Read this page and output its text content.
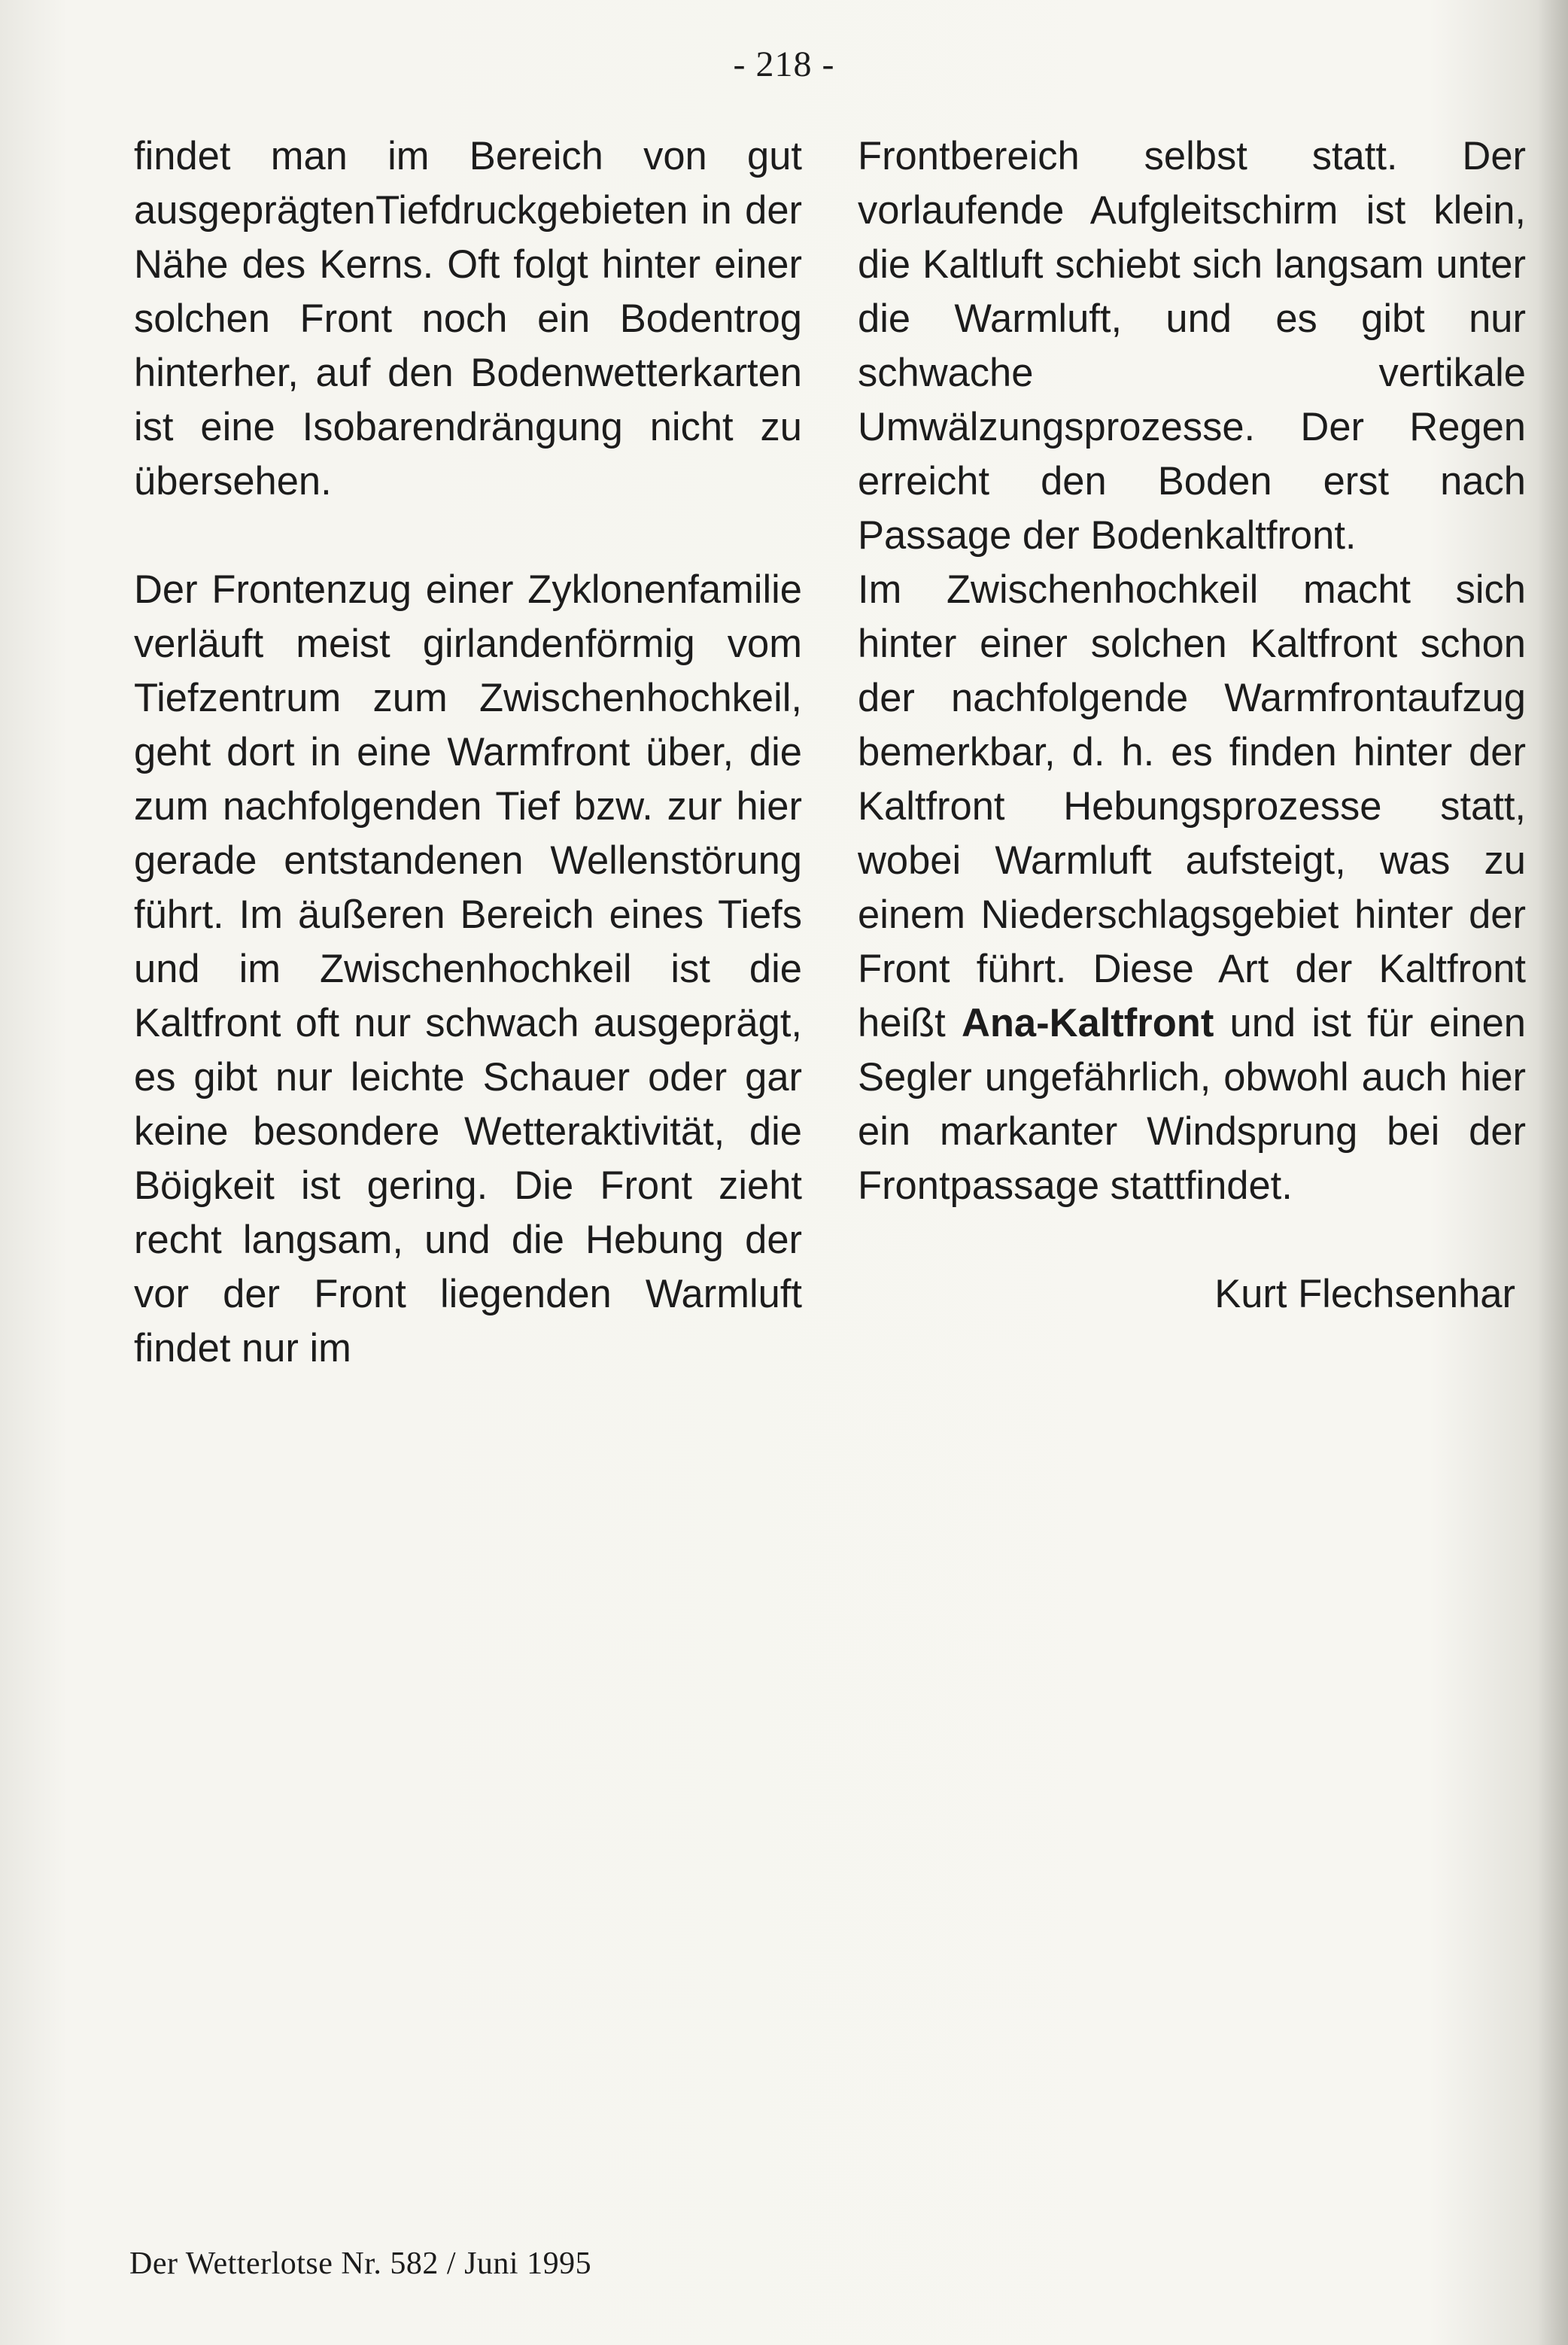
- 218 -

findet man im Bereich von gut ausgeprägtenTiefdruckgebieten in der Nähe des Kerns. Oft folgt hinter einer solchen Front noch ein Bodentrog hinterher, auf den Bodenwetterkarten ist eine Isobarendrängung nicht zu übersehen.

Der Frontenzug einer Zyklonenfamilie verläuft meist girlandenförmig vom Tiefzentrum zum Zwischenhochkeil, geht dort in eine Warmfront über, die zum nachfolgenden Tief bzw. zur hier gerade entstandenen Wellenstörung führt. Im äußeren Bereich eines Tiefs und im Zwischenhochkeil ist die Kaltfront oft nur schwach ausgeprägt, es gibt nur leichte Schauer oder gar keine besondere Wetteraktivität, die Böigkeit ist gering. Die Front zieht recht langsam, und die Hebung der vor der Front liegenden Warmluft findet nur im

Frontbereich selbst statt. Der vorlaufende Aufgleitschirm ist klein, die Kaltluft schiebt sich langsam unter die Warmluft, und es gibt nur schwache vertikale Umwälzungsprozesse. Der Regen erreicht den Boden erst nach Passage der Bodenkaltfront.

Im Zwischenhochkeil macht sich hinter einer solchen Kaltfront schon der nachfolgende Warmfrontaufzug bemerkbar, d. h. es finden hinter der Kaltfront Hebungsprozesse statt, wobei Warmluft aufsteigt, was zu einem Niederschlagsgebiet hinter der Front führt. Diese Art der Kaltfront heißt Ana-Kaltfront und ist für einen Segler ungefährlich, obwohl auch hier ein markanter Windsprung bei der Frontpassage stattfindet.

Kurt Flechsenhar
Der Wetterlotse Nr. 582 / Juni 1995
